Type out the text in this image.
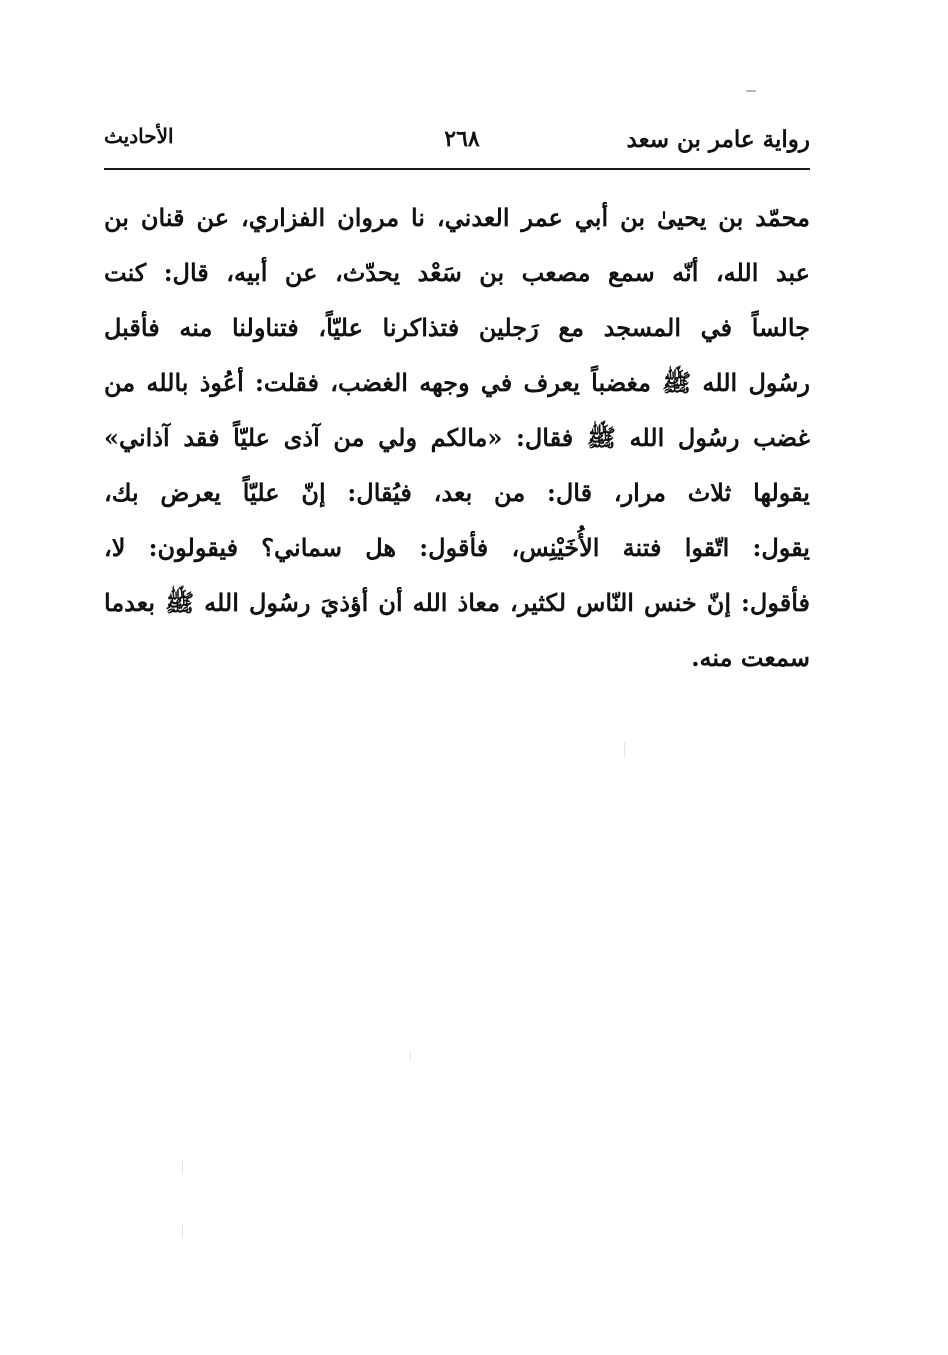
رواية عامر بن سعد
٢٦٨
الأحاديث
محمّد بن يحيىٰ بن أبي عمر العدني، نا مروان الفزاري، عن قنان بن
عبد الله، أنّه سمع مصعب بن سَعْد يحدّث، عن أبيه، قال: كنت
جالساً في المسجد مع رَجلين فتذاكرنا عليّاً، فتناولنا منه فأقبل
رسُول الله ﷺ مغضباً يعرف في وجهه الغضب، فقلت: أعُوذ بالله من
غضب رسُول الله ﷺ فقال: «مالكم ولي من آذى عليّاً فقد آذاني»
يقولها ثلاث مرار، قال: من بعد، فيُقال: إنّ عليّاً يعرض بك،
يقول: اتّقوا فتنة الأُخَيْنِس، فأقول: هل سماني؟ فيقولون: لا،
فأقول: إنّ خنس النّاس لكثير، معاذ الله أن أؤذيَ رسُول الله ﷺ بعدما
سمعت منه.
